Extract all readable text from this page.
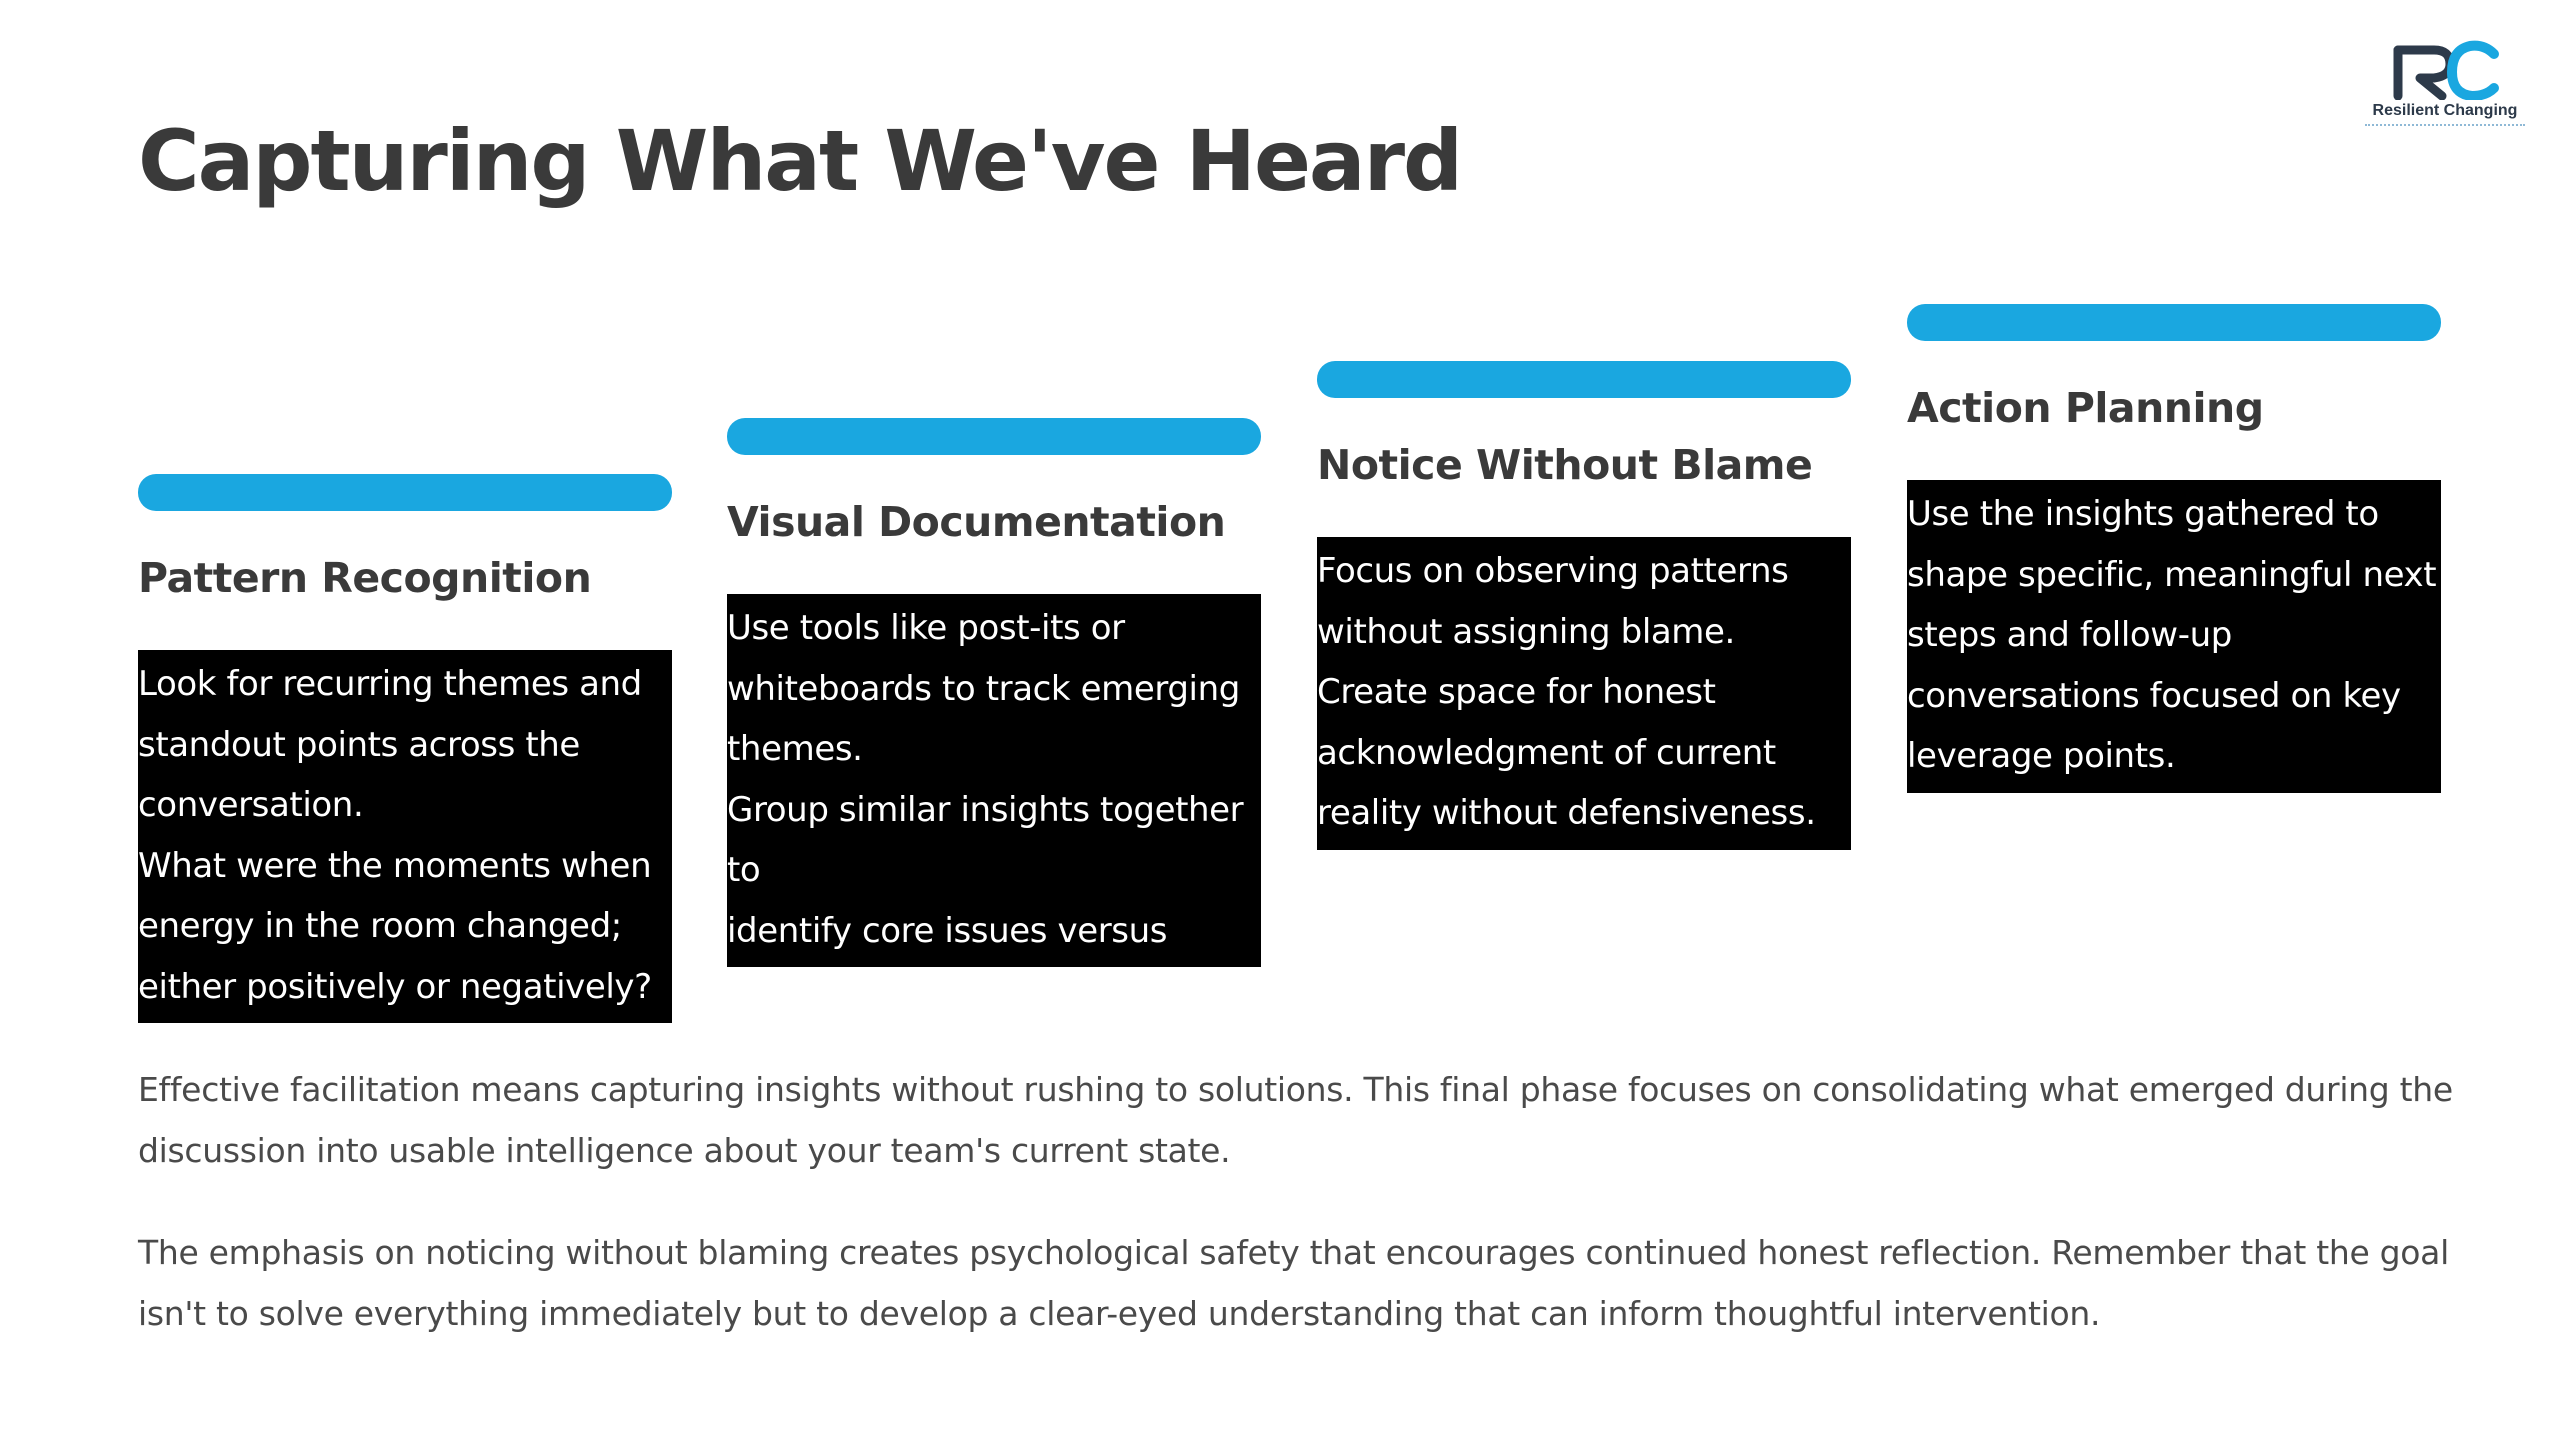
Resilient Changing
Capturing What We've Heard
Pattern Recognition

Look for recurring themes and
standout points across the
conversation.
What were the moments when
energy in the room changed;
either positively or negatively?

Visual Documentation

Use tools like post-its or
whiteboards to track emerging
themes.
Group similar insights together to
identify core issues versus

Notice Without Blame

Focus on observing patterns
without assigning blame.
Create space for honest
acknowledgment of current
reality without defensiveness.

Action Planning

Use the insights gathered to
shape specific, meaningful next
steps and follow-up
conversations focused on key
leverage points.

Effective facilitation means capturing insights without rushing to solutions. This final phase focuses on consolidating what emerged during the discussion into usable intelligence about your team's current state.

The emphasis on noticing without blaming creates psychological safety that encourages continued honest reflection. Remember that the goal isn't to solve everything immediately but to develop a clear-eyed understanding that can inform thoughtful intervention.
